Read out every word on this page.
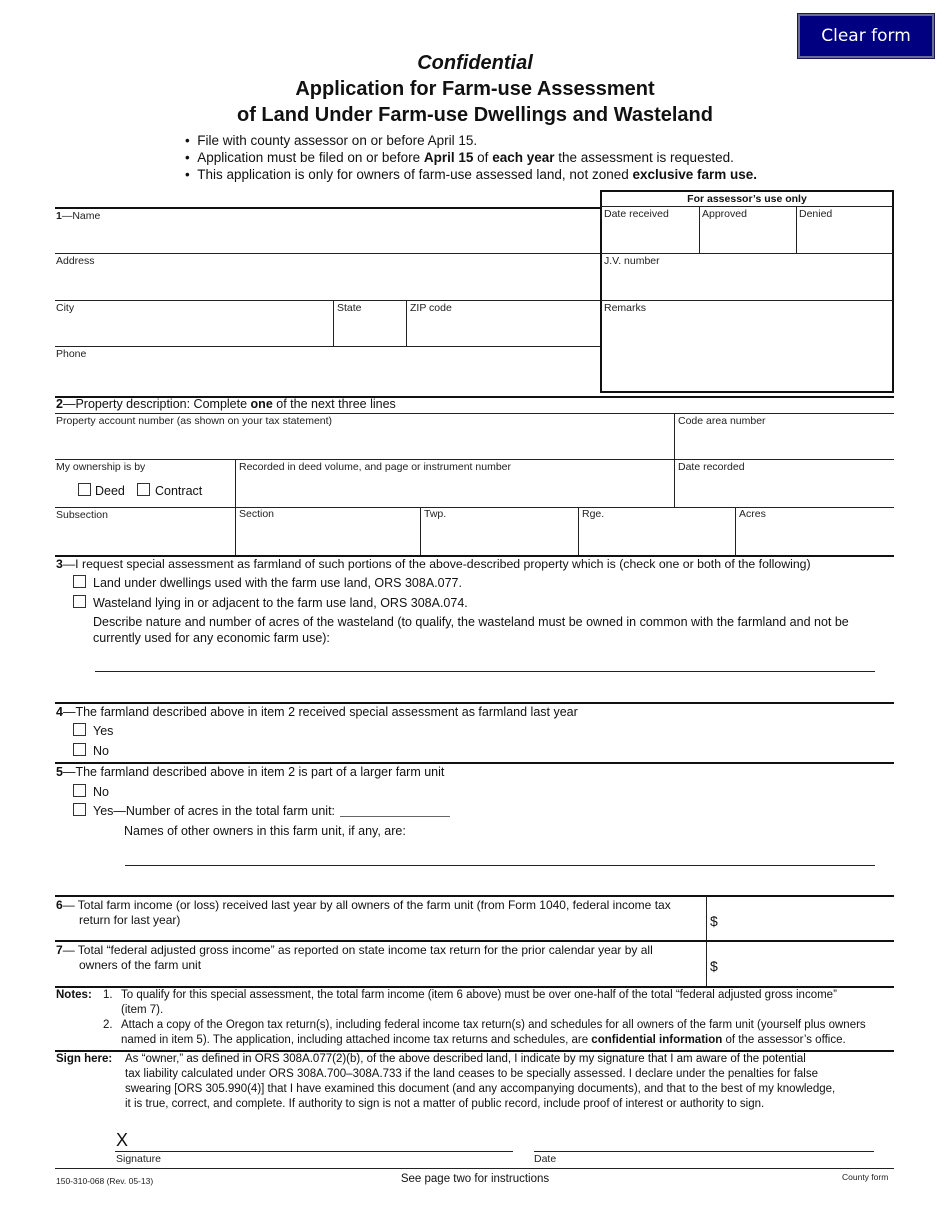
Clear form
Confidential
Application for Farm-use Assessment
of Land Under Farm-use Dwellings and Wasteland
• File with county assessor on or before April 15.
• Application must be filed on or before April 15 of each year the assessment is requested.
• This application is only for owners of farm-use assessed land, not zoned exclusive farm use.
For assessor’s use only
Date received	Approved	Denied
J.V. number
Remarks
1—Name
Address
City	State	ZIP code
Phone
2—Property description: Complete one of the next three lines
Property account number (as shown on your tax statement)	Code area number
My ownership is by	Recorded in deed volume, and page or instrument number	Date recorded
Deed Contract
Subsection	Section	Twp.	Rge.	Acres
3—I request special assessment as farmland of such portions of the above-described property which is (check one or both of the following)
Land under dwellings used with the farm use land, ORS 308A.077.
Wasteland lying in or adjacent to the farm use land, ORS 308A.074.
Describe nature and number of acres of the wasteland (to qualify, the wasteland must be owned in common with the farmland and not be
currently used for any economic farm use):
4—The farmland described above in item 2 received special assessment as farmland last year
Yes
No
5—The farmland described above in item 2 is part of a larger farm unit
No
Yes—Number of acres in the total farm unit:
Names of other owners in this farm unit, if any, are:
6— Total farm income (or loss) received last year by all owners of the farm unit (from Form 1040, federal income tax
return for last year)	$
7— Total “federal adjusted gross income” as reported on state income tax return for the prior calendar year by all
owners of the farm unit	$
Notes: 1. To qualify for this special assessment, the total farm income (item 6 above) must be over one-half of the total “federal adjusted gross income”
(item 7).
2. Attach a copy of the Oregon tax return(s), including federal income tax return(s) and schedules for all owners of the farm unit (yourself plus owners
named in item 5). The application, including attached income tax returns and schedules, are confidential information of the assessor’s office.
Sign here: As “owner,” as defined in ORS 308A.077(2)(b), of the above described land, I indicate by my signature that I am aware of the potential
tax liability calculated under ORS 308A.700–308A.733 if the land ceases to be specially assessed. I declare under the penalties for false
swearing [ORS 305.990(4)] that I have examined this document (and any accompanying documents), and that to the best of my knowledge,
it is true, correct, and complete. If authority to sign is not a matter of public record, include proof of interest or authority to sign.
X
Signature	Date
150-310-068 (Rev. 05-13)	See page two for instructions	County form
